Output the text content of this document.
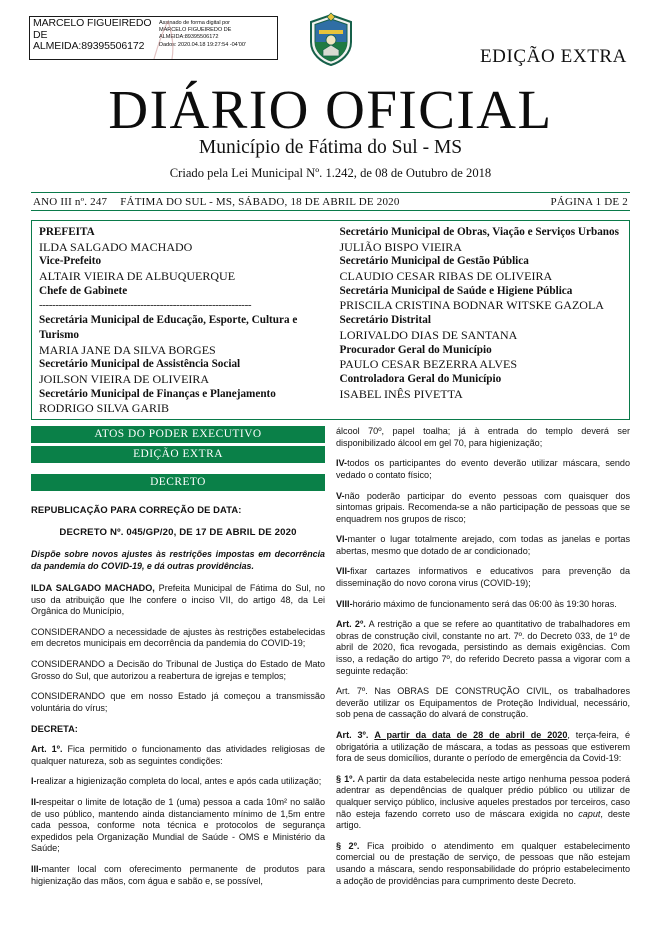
MARCELO FIGUEIREDO DE ALMEIDA:89395506172
Assinado de forma digital por
MARCELO FIGUEIREDO DE
ALMEIDA:89395506172
Dados: 2020.04.18 19:27:54 -04'00'
EDIÇÃO EXTRA
DIÁRIO OFICIAL
Município de Fátima do Sul - MS
Criado pela Lei Municipal Nº. 1.242, de 08 de Outubro de 2018
ANO III nº. 247 FÁTIMA DO SUL - MS, SÁBADO, 18 DE ABRIL DE 2020	PÁGINA 1 DE 2
PREFEITA
ILDA SALGADO MACHADO
Vice-Prefeito
ALTAIR VIEIRA DE ALBUQUERQUE
Chefe de Gabinete
-----------------------------------------------------------------
Secretária Municipal de Educação, Esporte, Cultura e Turismo
MARIA JANE DA SILVA BORGES
Secretário Municipal de Assistência Social
JOILSON VIEIRA DE OLIVEIRA
Secretário Municipal de Finanças e Planejamento
RODRIGO SILVA GARIB
Secretário Municipal de Obras, Viação e Serviços Urbanos
JULIÃO BISPO VIEIRA
Secretário Municipal de Gestão Pública
CLAUDIO CESAR RIBAS DE OLIVEIRA
Secretária Municipal de Saúde e Higiene Pública
PRISCILA CRISTINA BODNAR WITSKE GAZOLA
Secretário Distrital
LORIVALDO DIAS DE SANTANA
Procurador Geral do Município
PAULO CESAR BEZERRA ALVES
Controladora Geral do Município
ISABEL INÊS PIVETTA
ATOS DO PODER EXECUTIVO
EDIÇÃO EXTRA
DECRETO
REPUBLICAÇÃO PARA CORREÇÃO DE DATA:
DECRETO Nº. 045/GP/20, DE 17 DE ABRIL DE 2020
Dispõe sobre novos ajustes às restrições impostas em decorrência da pandemia do COVID-19, e dá outras providências.

ILDA SALGADO MACHADO, Prefeita Municipal de Fátima do Sul, no uso da atribuição que lhe confere o inciso VII, do artigo 48, da Lei Orgânica do Município,

CONSIDERANDO a necessidade de ajustes às restrições estabelecidas em decretos municipais em decorrência da pandemia do COVID-19;

CONSIDERANDO a Decisão do Tribunal de Justiça do Estado de Mato Grosso do Sul, que autorizou a reabertura de igrejas e templos;

CONSIDERANDO que em nosso Estado já começou a transmissão voluntária do vírus;

DECRETA:

Art. 1º. Fica permitido o funcionamento das atividades religiosas de qualquer natureza, sob as seguintes condições:

I-realizar a higienização completa do local, antes e após cada utilização;

II-respeitar o limite de lotação de 1 (uma) pessoa a cada 10m² no salão de uso público, mantendo ainda distanciamento mínimo de 1,5m entre cada pessoa, conforme nota técnica e protocolos de segurança expedidos pela Organização Mundial de Saúde - OMS e Ministério da Saúde;

III-manter local com oferecimento permanente de produtos para higienização das mãos, com água e sabão e, se possível,

álcool 70º, papel toalha; já à entrada do templo deverá ser disponibilizado álcool em gel 70, para higienização;

IV-todos os participantes do evento deverão utilizar máscara, sendo vedado o contato físico;

V-não poderão participar do evento pessoas com quaisquer dos sintomas gripais. Recomenda-se a não participação de pessoas que se enquadrem nos grupos de risco;

VI-manter o lugar totalmente arejado, com todas as janelas e portas abertas, mesmo que dotado de ar condicionado;

VII-fixar cartazes informativos e educativos para prevenção da disseminação do novo corona virus (COVID-19);

VIII-horário máximo de funcionamento será das 06:00 às 19:30 horas.

Art. 2º. A restrição a que se refere ao quantitativo de trabalhadores em obras de construção civil, constante no art. 7º. do Decreto 033, de 1º de abril de 2020, fica revogada, persistindo as demais exigências. Com isso, a redação do artigo 7º, do referido Decreto passa a vigorar com a seguinte redação:

Art. 7º. Nas OBRAS DE CONSTRUÇÃO CIVIL, os trabalhadores deverão utilizar os Equipamentos de Proteção Individual, necessário, sob pena de cassação do alvará de construção.

Art. 3º. A partir da data de 28 de abril de 2020, terça-feira, é obrigatória a utilização de máscara, a todas as pessoas que estiverem fora de seus domicílios, durante o período de emergência da Covid-19:

§ 1º. A partir da data estabelecida neste artigo nenhuma pessoa poderá adentrar as dependências de qualquer prédio público ou utilizar de qualquer serviço público, inclusive aqueles prestados por terceiros, caso não esteja fazendo correto uso de máscara exigida no caput, deste artigo.

§ 2º. Fica proibido o atendimento em qualquer estabelecimento comercial ou de prestação de serviço, de pessoas que não estejam usando a máscara, sendo responsabilidade do próprio estabelecimento a adoção de providências para cumprimento deste Decreto.
